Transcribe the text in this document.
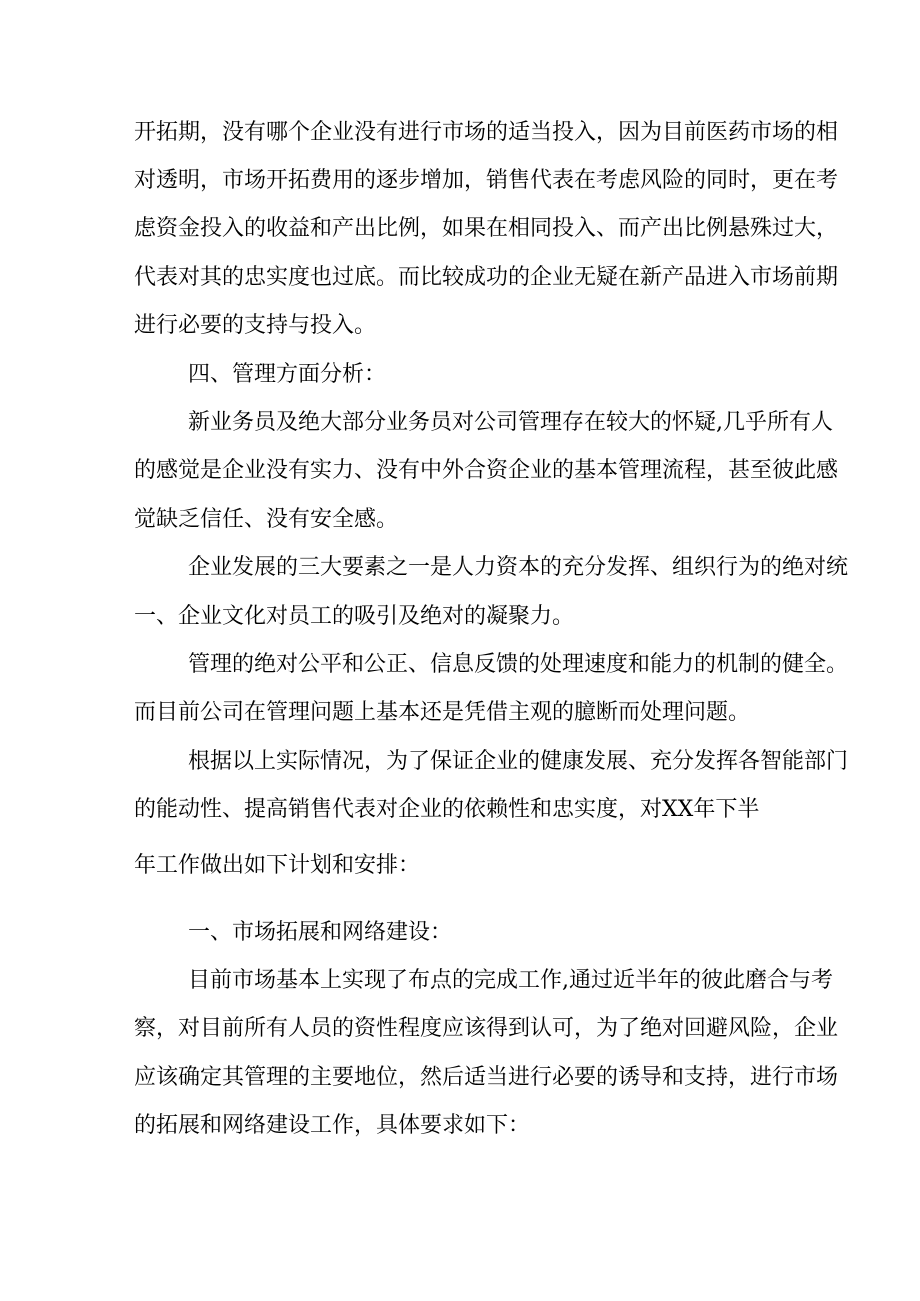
开拓期，没有哪个企业没有进行市场的适当投入，因为目前医药市场的相

对透明，市场开拓费用的逐步增加，销售代表在考虑风险的同时，更在考

虑资金投入的收益和产出比例，如果在相同投入、而产出比例悬殊过大，

代表对其的忠实度也过底。而比较成功的企业无疑在新产品进入市场前期

进行必要的支持与投入。

四、管理方面分析：

新业务员及绝大部分业务员对公司管理存在较大的怀疑,几乎所有人

的感觉是企业没有实力、没有中外合资企业的基本管理流程，甚至彼此感

觉缺乏信任、没有安全感。

企业发展的三大要素之一是人力资本的充分发挥、组织行为的绝对统

一、企业文化对员工的吸引及绝对的凝聚力。

管理的绝对公平和公正、信息反馈的处理速度和能力的机制的健全。

而目前公司在管理问题上基本还是凭借主观的臆断而处理问题。

根据以上实际情况，为了保证企业的健康发展、充分发挥各智能部门

的能动性、提高销售代表对企业的依赖性和忠实度，对XX年下半

年工作做出如下计划和安排：

一、市场拓展和网络建设：

目前市场基本上实现了布点的完成工作,通过近半年的彼此磨合与考

察，对目前所有人员的资性程度应该得到认可，为了绝对回避风险，企业

应该确定其管理的主要地位，然后适当进行必要的诱导和支持，进行市场

的拓展和网络建设工作，具体要求如下：
